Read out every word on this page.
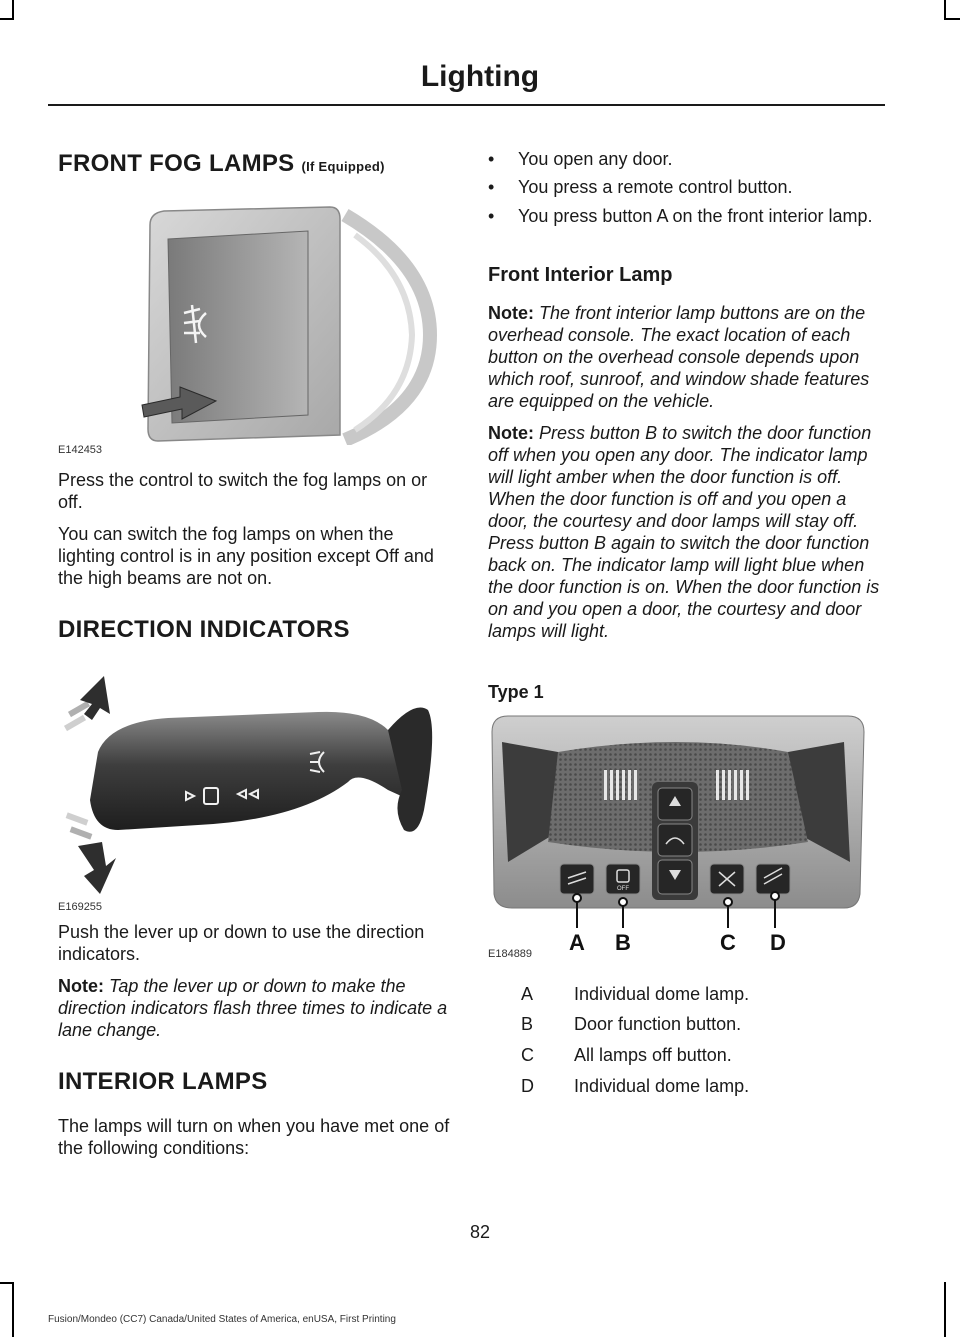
Lighting
FRONT FOG LAMPS (If Equipped)
E142453

Press the control to switch the fog lamps on or off.

You can switch the fog lamps on when the lighting control is in any position except Off and the high beams are not on.

DIRECTION INDICATORS
E169255

Push the lever up or down to use the direction indicators.

Note: Tap the lever up or down to make the direction indicators flash three times to indicate a lane change.

INTERIOR LAMPS

The lamps will turn on when you have met one of the following conditions:

• You open any door.
• You press a remote control button.
• You press button A on the front interior lamp.
Front Interior Lamp

Note: The front interior lamp buttons are on the overhead console. The exact location of each button on the overhead console depends upon which roof, sunroof, and window shade features are equipped on the vehicle.

Note: Press button B to switch the door function off when you open any door. The indicator lamp will light amber when the door function is off. When the door function is off and you open a door, the courtesy and door lamps will stay off. Press button B again to switch the door function back on. The indicator lamp will light blue when the door function is on. When the door function is on and you open a door, the courtesy and door lamps will light.

Type 1
OFF
A B	C D
E184889
A Individual dome lamp.
B Door function button.
C All lamps off button.
D Individual dome lamp.
82
Fusion/Mondeo (CC7) Canada/United States of America, enUSA, First Printing
